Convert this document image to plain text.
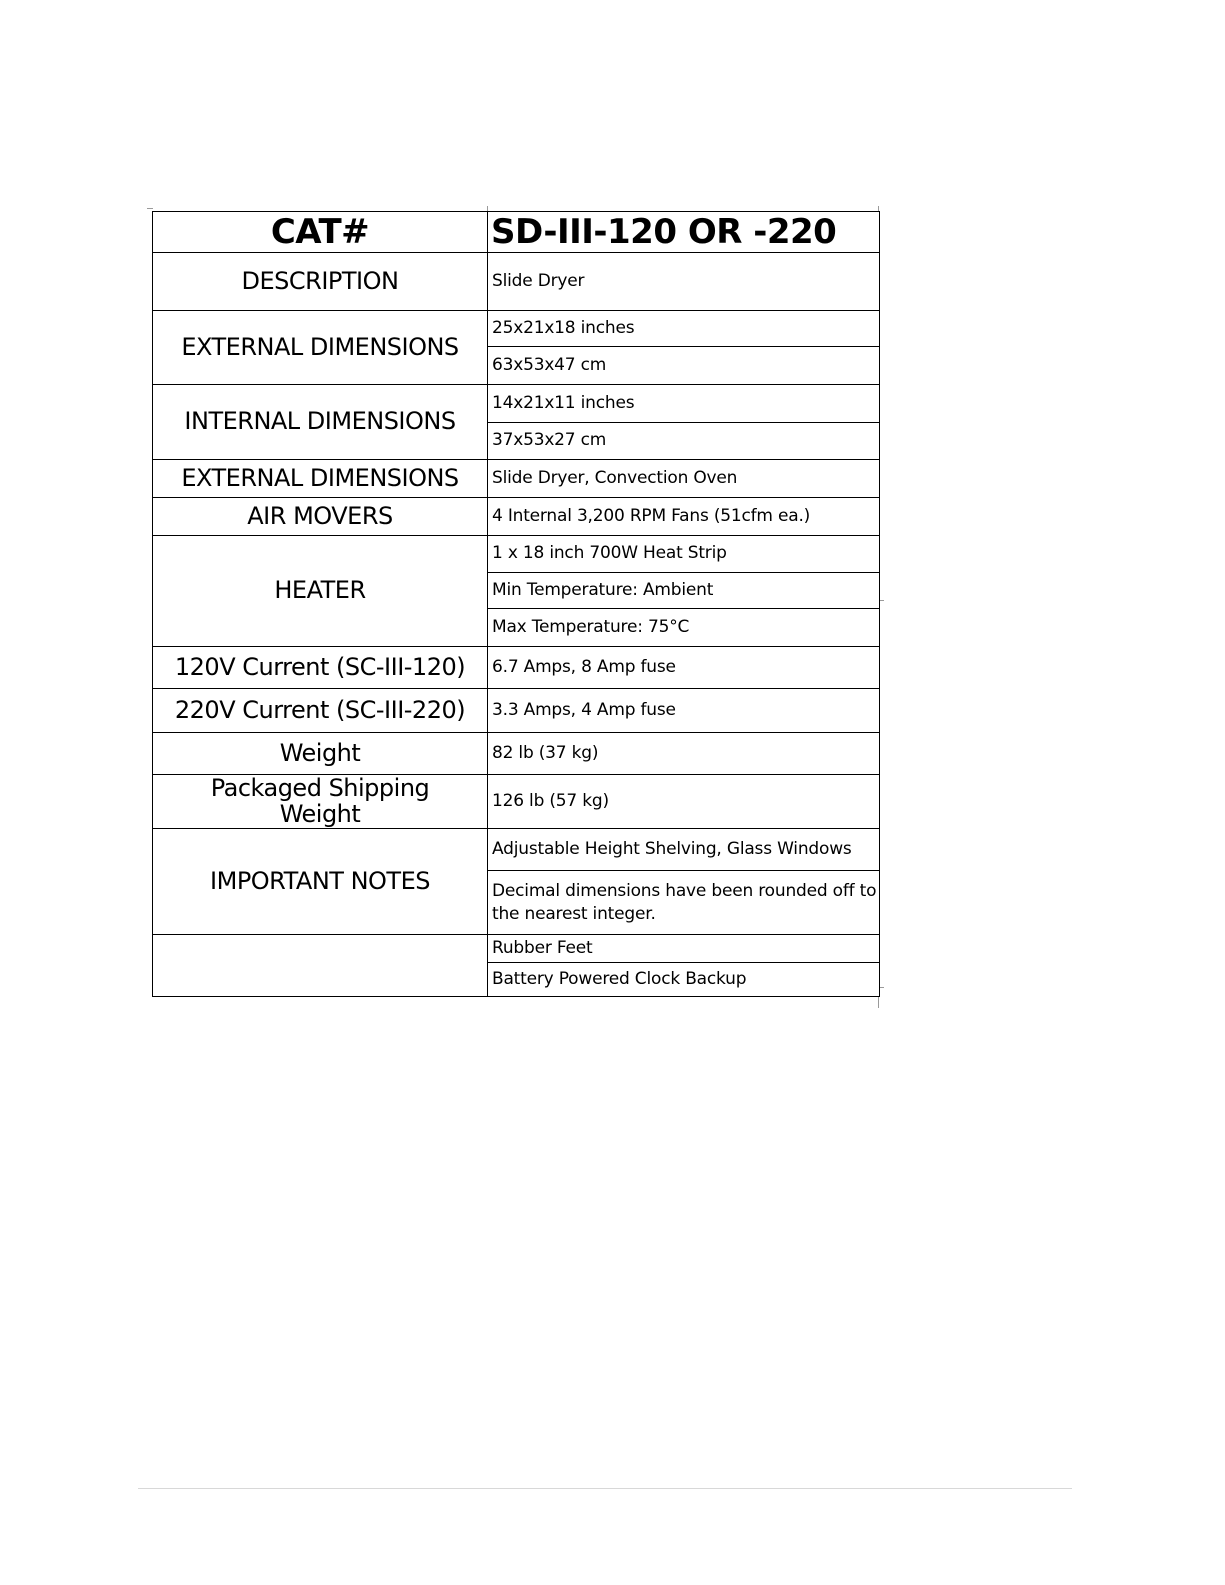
CAT#	SD-III-120 OR -220
DESCRIPTION	Slide Dryer
EXTERNAL DIMENSIONS	25x21x18 inches
	63x53x47 cm
INTERNAL DIMENSIONS	14x21x11 inches
	37x53x27 cm
EXTERNAL DIMENSIONS	Slide Dryer, Convection Oven
AIR MOVERS	4 Internal 3,200 RPM Fans (51cfm ea.)
HEATER	1 x 18 inch 700W Heat Strip
	Min Temperature: Ambient
	Max Temperature: 75°C
120V Current (SC-III-120)	6.7 Amps, 8 Amp fuse
220V Current (SC-III-220)	3.3 Amps, 4 Amp fuse
Weight	82 lb (37 kg)
Packaged Shipping Weight	126 lb (57 kg)
IMPORTANT NOTES	Adjustable Height Shelving, Glass Windows
	Decimal dimensions have been rounded off to the nearest integer.
	Rubber Feet
	Battery Powered Clock Backup
